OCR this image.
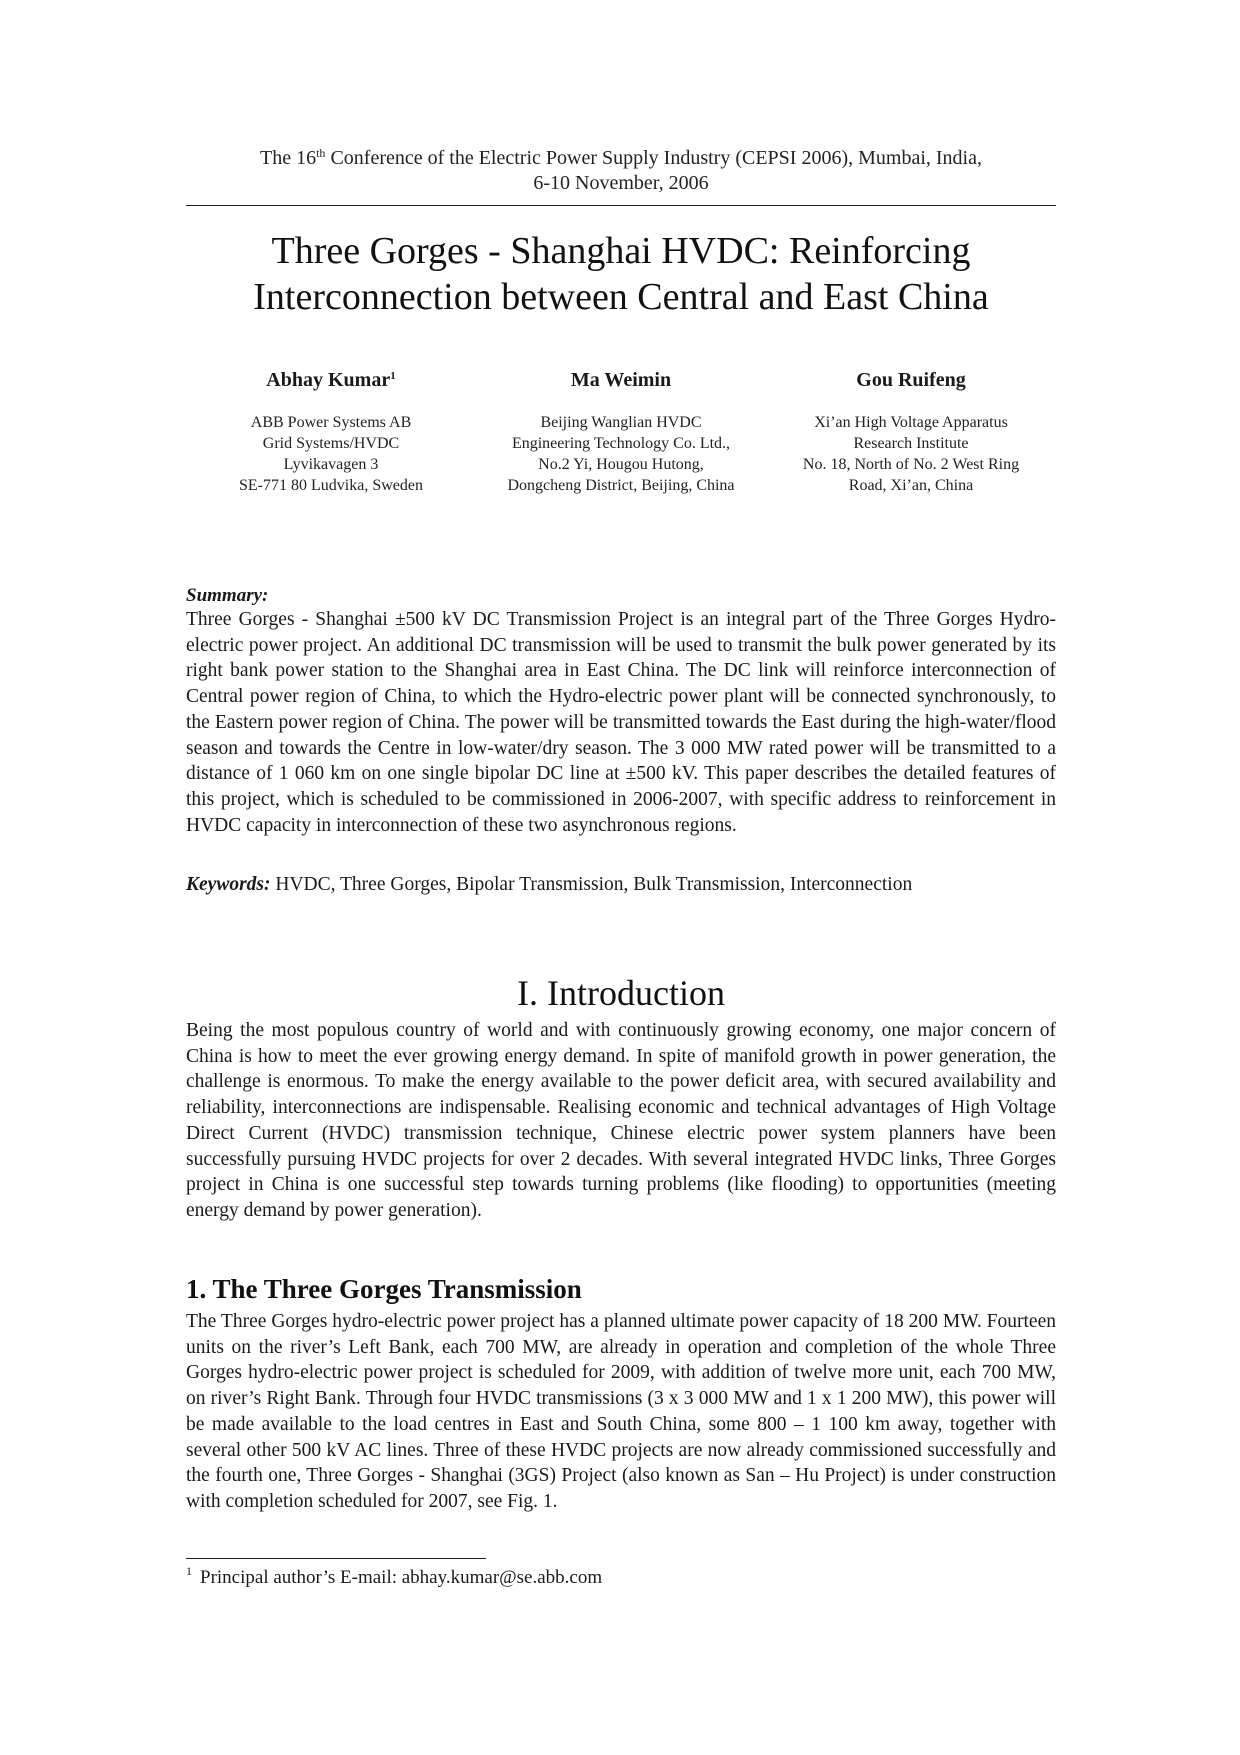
The 16th Conference of the Electric Power Supply Industry (CEPSI 2006), Mumbai, India,
6-10 November, 2006
Three Gorges - Shanghai HVDC: Reinforcing
Interconnection between Central and East China
Abhay Kumar$^1$
ABB Power Systems AB
Grid Systems/HVDC
Lyvikavagen 3
SE-771 80 Ludvika, Sweden
Ma Weimin
Beijing Wanglian HVDC
Engineering Technology Co. Ltd.,
No.2 Yi, Hougou Hutong,
Dongcheng District, Beijing, China
Gou Ruifeng
Xi’an High Voltage Apparatus
Research Institute
No. 18, North of No. 2 West Ring
Road, Xi’an, China
Summary:
Three Gorges - Shanghai ±500 kV DC Transmission Project is an integral part of the Three Gorges Hydro-electric power project. An additional DC transmission will be used to transmit the bulk power generated by its right bank power station to the Shanghai area in East China. The DC link will reinforce interconnection of Central power region of China, to which the Hydro-electric power plant will be connected synchronously, to the Eastern power region of China. The power will be transmitted towards the East during the high-water/flood season and towards the Centre in low-water/dry season. The 3 000 MW rated power will be transmitted to a distance of 1 060 km on one single bipolar DC line at ±500 kV. This paper describes the detailed features of this project, which is scheduled to be commissioned in 2006-2007, with specific address to reinforcement in HVDC capacity in interconnection of these two asynchronous regions.
Keywords: HVDC, Three Gorges, Bipolar Transmission, Bulk Transmission, Interconnection
I. Introduction
Being the most populous country of world and with continuously growing economy, one major concern of China is how to meet the ever growing energy demand. In spite of manifold growth in power generation, the challenge is enormous. To make the energy available to the power deficit area, with secured availability and reliability, interconnections are indispensable. Realising economic and technical advantages of High Voltage Direct Current (HVDC) transmission technique, Chinese electric power system planners have been successfully pursuing HVDC projects for over 2 decades. With several integrated HVDC links, Three Gorges project in China is one successful step towards turning problems (like flooding) to opportunities (meeting energy demand by power generation).
1. The Three Gorges Transmission
The Three Gorges hydro-electric power project has a planned ultimate power capacity of 18 200 MW. Fourteen units on the river’s Left Bank, each 700 MW, are already in operation and completion of the whole Three Gorges hydro-electric power project is scheduled for 2009, with addition of twelve more unit, each 700 MW, on river’s Right Bank. Through four HVDC transmissions (3 x 3 000 MW and 1 x 1 200 MW), this power will be made available to the load centres in East and South China, some 800 – 1 100 km away, together with several other 500 kV AC lines. Three of these HVDC projects are now already commissioned successfully and the fourth one, Three Gorges - Shanghai (3GS) Project (also known as San – Hu Project) is under construction with completion scheduled for 2007, see Fig. 1.
$^1$ Principal author’s E-mail: abhay.kumar@se.abb.com
